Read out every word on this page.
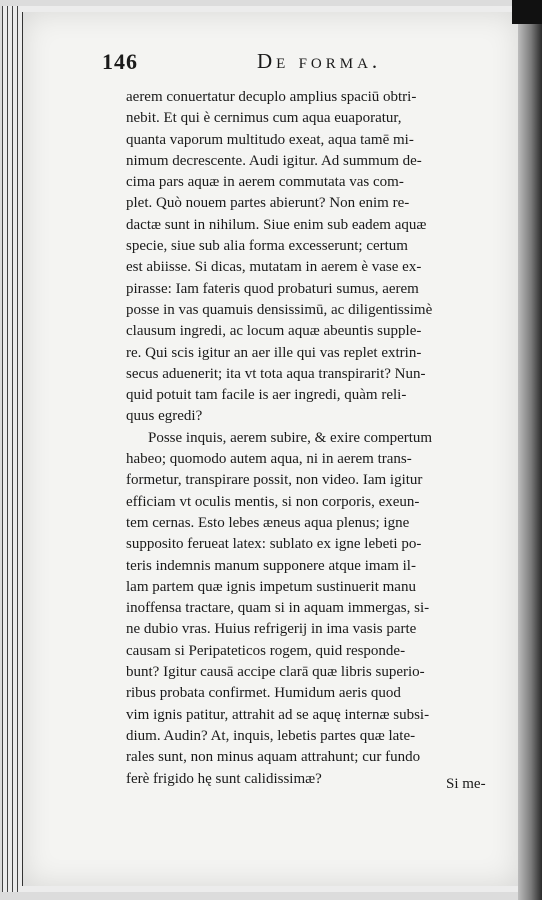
146	De forma.
aerem conuertatur decuplo amplius spaciū obtri-
nebit. Et qui è cernimus cum aqua euaporatur,
quanta vaporum multitudo exeat, aqua tamē mi-
nimum decrescente. Audi igitur. Ad summum de-
cima pars aquæ in aerem commutata vas com-
plet. Quò nouem partes abierunt? Non enim re-
dactæ sunt in nihilum. Siue enim sub eadem aquæ
specie, siue sub alia forma excesserunt; certum
est abiisse. Si dicas, mutatam in aerem è vase ex-
pirasse: Iam fateris quod probaturi sumus, aerem
posse in vas quamuis densissimū, ac diligentissimè
clausum ingredi, ac locum aquæ abeuntis supple-
re. Qui scis igitur an aer ille qui vas replet extrin-
secus aduenerit; ita vt tota aqua transpirarit? Nun-
quid potuit tam facile is aer ingredi, quàm reli-
quus egredi?
Posse inquis, aerem subire, & exire compertum
habeo; quomodo autem aqua, ni in aerem trans-
formetur, transpirare possit, non video. Iam igitur
efficiam vt oculis mentis, si non corporis, exeun-
tem cernas. Esto lebes æneus aqua plenus; igne
supposito ferueat latex: sublato ex igne lebeti po-
teris indemnis manum supponere atque imam il-
lam partem quæ ignis impetum sustinuerit manu
inoffensa tractare, quam si in aquam immergas, si-
ne dubio vras. Huius refrigerij in ima vasis parte
causam si Peripateticos rogem, quid responde-
bunt? Igitur causā accipe clarā quæ libris superio-
ribus probata confirmet. Humidum aeris quod
vim ignis patitur, attrahit ad se aquę internæ subsi-
dium. Audin? At, inquis, lebetis partes quæ late-
rales sunt, non minus aquam attrahunt; cur fundo
ferè frigido hę sunt calidissimæ?	Si me-
